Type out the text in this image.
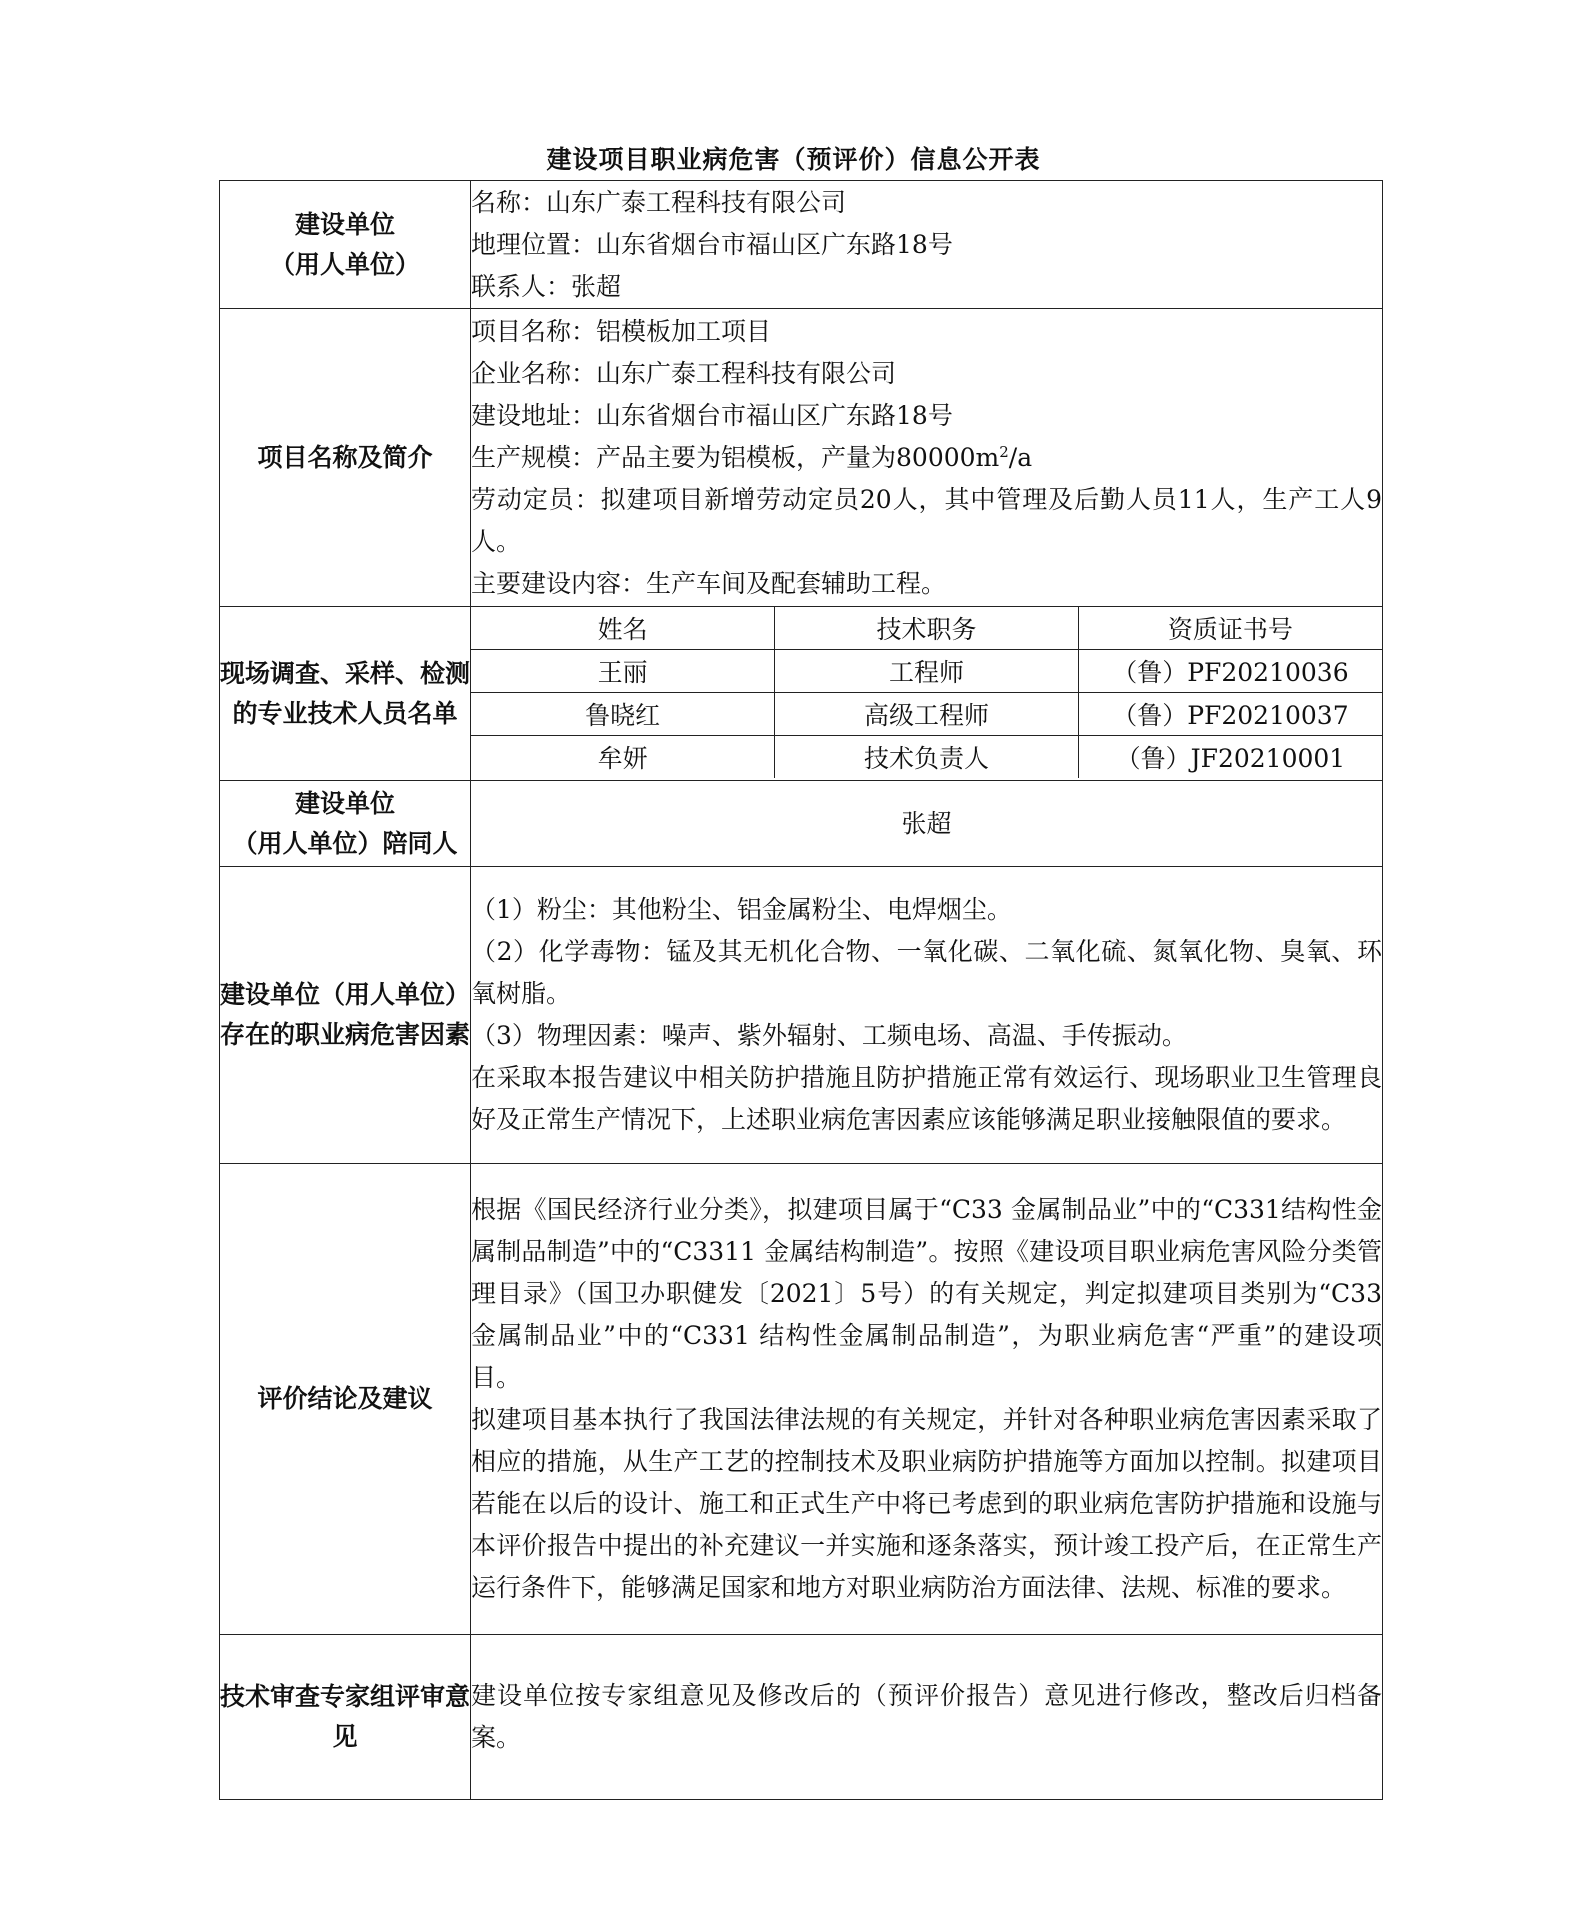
建设项目职业病危害（预评价）信息公开表
建设单位
（用人单位）

名称：山东广泰工程科技有限公司
地理位置：山东省烟台市福山区广东路18号
联系人：张超

项目名称及简介	
项目名称：铝模板加工项目
企业名称：山东广泰工程科技有限公司
建设地址：山东省烟台市福山区广东路18号
生产规模：产品主要为铝模板，产量为$80000m^2/a$
劳动定员：拟建项目新增劳动定员20人，其中管理及后勤人员11人，生产工人9人。
主要建设内容：生产车间及配套辅助工程。

现场调查、采样、检测的专业技术人员名单	
姓名	技术职务	资质证书号
王丽	工程师	（鲁）PF20210036
鲁晓红	高级工程师	（鲁）PF20210037
牟妍	技术负责人	（鲁）JF20210001

建设单位
（用人单位）陪同人
	张超
建设单位（用人单位）存在的职业病危害因素	
（1）粉尘：其他粉尘、铝金属粉尘、电焊烟尘。
（2）化学毒物：锰及其无机化合物、一氧化碳、二氧化硫、氮氧化物、臭氧、环氧树脂。
（3）物理因素：噪声、紫外辐射、工频电场、高温、手传振动。
在采取本报告建议中相关防护措施且防护措施正常有效运行、现场职业卫生管理良好及正常生产情况下，上述职业病危害因素应该能够满足职业接触限值的要求。

评价结论及建议	
根据《国民经济行业分类》，拟建项目属于“C33 金属制品业”中的“C331结构性金属制品制造”中的“C3311 金属结构制造”。按照《建设项目职业病危害风险分类管理目录》（国卫办职健发〔2021〕5号）的有关规定，判定拟建项目类别为“C33 金属制品业”中的“C331 结构性金属制品制造”，为职业病危害“严重”的建设项目。
拟建项目基本执行了我国法律法规的有关规定，并针对各种职业病危害因素采取了相应的措施，从生产工艺的控制技术及职业病防护措施等方面加以控制。拟建项目若能在以后的设计、施工和正式生产中将已考虑到的职业病危害防护措施和设施与本评价报告中提出的补充建议一并实施和逐条落实，预计竣工投产后，在正常生产运行条件下，能够满足国家和地方对职业病防治方面法律、法规、标准的要求。

技术审查专家组评审意见	建设单位按专家组意见及修改后的（预评价报告）意见进行修改，整改后归档备案。
